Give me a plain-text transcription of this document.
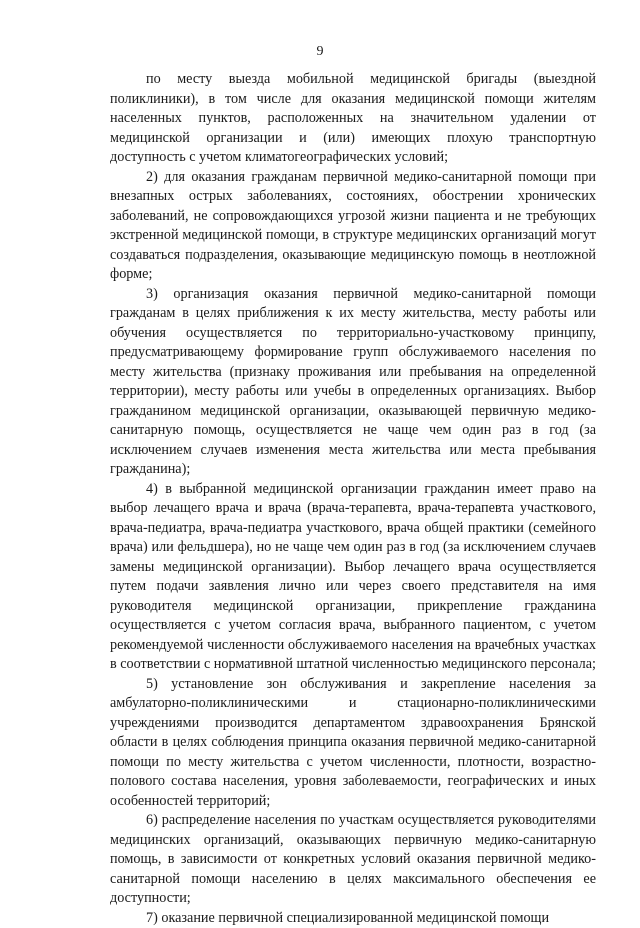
9

по месту выезда мобильной медицинской бригады (выездной поликлиники), в том числе для оказания медицинской помощи жителям населенных пунктов, расположенных на значительном удалении от медицинской организации и (или) имеющих плохую транспортную доступность с учетом климатогеографических условий;

2) для оказания гражданам первичной медико-санитарной помощи при внезапных острых заболеваниях, состояниях, обострении хронических заболеваний, не сопровождающихся угрозой жизни пациента и не требующих экстренной медицинской помощи, в структуре медицинских организаций могут создаваться подразделения, оказывающие медицинскую помощь в неотложной форме;

3) организация оказания первичной медико-санитарной помощи гражданам в целях приближения к их месту жительства, месту работы или обучения осуществляется по территориально-участковому принципу, предусматривающему формирование групп обслуживаемого населения по месту жительства (признаку проживания или пребывания на определенной территории), месту работы или учебы в определенных организациях. Выбор гражданином медицинской организации, оказывающей первичную медико-санитарную помощь, осуществляется не чаще чем один раз в год (за исключением случаев изменения места жительства или места пребывания гражданина);

4) в выбранной медицинской организации гражданин имеет право на выбор лечащего врача и врача (врача-терапевта, врача-терапевта участкового, врача-педиатра, врача-педиатра участкового, врача общей практики (семейного врача) или фельдшера), но не чаще чем один раз в год (за исключением случаев замены медицинской организации). Выбор лечащего врача осуществляется путем подачи заявления лично или через своего представителя на имя руководителя медицинской организации, прикрепление гражданина осуществляется с учетом согласия врача, выбранного пациентом, с учетом рекомендуемой численности обслуживаемого населения на врачебных участках в соответствии с нормативной штатной численностью медицинского персонала;

5) установление зон обслуживания и закрепление населения за амбулаторно-поликлиническими и стационарно-поликлиническими учреждениями производится департаментом здравоохранения Брянской области в целях соблюдения принципа оказания первичной медико-санитарной помощи по месту жительства с учетом численности, плотности, возрастно-полового состава населения, уровня заболеваемости, географических и иных особенностей территорий;

6) распределение населения по участкам осуществляется руководителями медицинских организаций, оказывающих первичную медико-санитарную помощь, в зависимости от конкретных условий оказания первичной медико-санитарной помощи населению в целях максимального обеспечения ее доступности;

7) оказание первичной специализированной медицинской помощи
